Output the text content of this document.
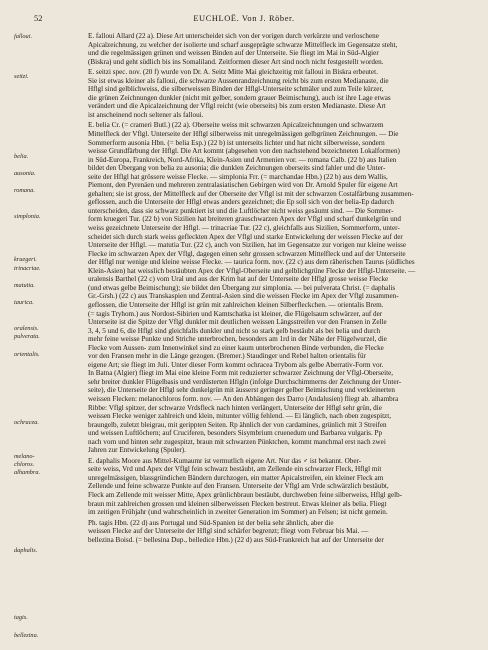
52	EUCHLOË. Von J. Röber.
falloui.
seitzi.
belia.
ausonia.
romana.
simplonia.
kruegeri.
trinacriae.
matutia.
taurica.
oralensis.
pulverata.
orientalis.
ochracea.
melano-
chloros.
alhambra.
daphalis.
tagis.
bellezina.
E. falloui Allard (22 a). Diese Art unterscheidet sich von der vorigen durch verkürzte und verloschene
Apicalzeichnung, zu welcher der isolierte und scharf ausgeprägte schwarze Mittelfleck im Gegensatze steht,
und die regelmässigen grünen und weissen Binden auf der Unterseite. Sie fliegt im Mai in Süd-Algier
(Biskra) und geht südlich bis ins Somaliland. Zeitformen dieser Art sind noch nicht festgestellt worden.
E. seitzi spec. nov. (20 f) wurde von Dr. A. Seitz Mitte Mai gleichzeitig mit falloui in Biskra erbeutet.
Sie ist etwas kleiner als falloui, die schwarze Aussenrandzeichnung reicht bis zum ersten Medianaste, die
Hflgl sind gelblichweiss, die silberweissen Binden der Hflgl-Unterseite schmäler und zum Teile kürzer,
die grünen Zeichnungen dunkler (nicht mit gelber, sondern grauer Beimischung), auch ist ihre Lage etwas
verändert und die Apicalzeichnung der Vflgl reicht (wie oberseits) bis zum ersten Medianaste. Diese Art
ist anscheinend noch seltener als falloui.
E. belia Cr. (= crameri Butl.) (22 a). Oberseite weiss mit schwarzen Apicalzeichnungen und schwarzem
Mittelfleck der Vflgl. Unterseite der Hflgl silberweiss mit unregelmässigen gelbgrünen Zeichnungen. — Die
Sommerform ausonia Hbn. (= belia Esp.) (22 b) ist unterseits lichter und hat nicht silberweisse, sondern
weisse Grundfärbung der Hflgl. Die Art kommt (abgesehen von den nachstehend bezeichneten Lokalformen)
in Süd-Europa, Frankreich, Nord-Afrika, Klein-Asien und Armenien vor. — romana Calb. (22 b) aus Italien
bildet den Übergang von belia zu ausonia; die dunklen Zeichnungen oberseits sind fahler und die Unter-
seite der Hflgl hat grössere weisse Flecke. — simplonia Frr. (= marchandae Hbn.) (22 b) aus dem Wallis,
Piemont, den Pyrenäen und mehreren zentralasiatischen Gebirgen wird von Dr. Arnold Spuler für eigene Art
gehalten; sie ist gross, der Mittelfleck auf der Oberseite der Vflgl ist mit der schwarzen Costalfärbung zusammen-
geflossen, auch die Unterseite der Hflgl etwas anders gezeichnet; die Ep soll sich von der belia-Ep dadurch
unterscheiden, dass sie schwarz punktiert ist und die Luftlöcher nicht weiss gesäumt sind. — Die Sommer-
form kruegeri Tur. (22 b) von Sizilien hat breiteren grauschwarzen Apex der Vflgl und scharf dunkelgrün und
weiss gezeichnete Unterseite der Hflgl. — trinacriae Tur. (22 c), gleichfalls aus Sizilien, Sommerform, unter-
scheidet sich durch stark weiss gefleckten Apex der Vflgl und starke Entwickelung der weissen Flecke auf der
Unterseite der Hflgl. — matutia Tur. (22 c), auch von Sizilien, hat im Gegensatze zur vorigen nur kleine weisse
Flecke im schwarzen Apex der Vflgl, dagegen einen sehr grossen schwarzen Mittelfleck und auf der Unterseite
der Hflgl nur wenige und kleine weisse Flecke. — taurica form. nov. (22 c) aus dem räherischen Taurus (südliches
Klein-Asien) hat weisslich bestäubten Apex der Vflgl-Oberseite und gelblichgrüne Flecke der Hflgl-Unterseite. —
uralensis Barthel (22 c) vom Ural und aus der Krim hat auf der Unterseite der Hflgl grosse weisse Flecke
(und etwas gelbe Beimischung); sie bildet den Übergang zur simplonia. — bei pulverata Christ. (= daphalis
Gr.-Grsh.) (22 c) aus Transkaspien und Zentral-Asien sind die weissen Flecke im Apex der Vflgl zusammen-
geflossen, die Unterseite der Hflgl ist grün mit zahlreichen kleinen Silberfleckchen. — orientalis Brem.
(= tagis Tryhom.) aus Nordost-Sibirien und Kamtschatka ist kleiner, die Flügelsaum schwärzer, auf der
Unterseite ist die Spitze der Vflgl dunkler mit deutlichen weissen Längsstreifen vor den Fransen in Zelle
3, 4, 5 und 6, die Hflgl sind gleichfalls dunkler und nicht so stark gelb bestäubt als bei belia und durch
mehr feine weisse Punkte und Striche unterbrochen, besonders am 1rd in der Nähe der Flügelwurzel, die
Flecke vom Aussen- zum Innenwinkel sind zu einer kaum unterbrochenen Binde verbunden, die Flecke
vor den Fransen mehr in die Länge gezogen. (Bremer.) Staudinger und Rebel halten orientalis für
eigene Art; sie fliegt im Juli. Unter dieser Form kommt ochracea Trybom als gelbe Aberrativ-Form vor.
In Batna (Algier) fliegt im Mai eine kleine Form mit reduzierter schwarzer Zeichnung der Vflgl-Oberseite,
sehr breiter dunkler Flügelbasis und verdüsterten Hflgln (infolge Durchschimmerns der Zeichnung der Unter-
seite), die Unterseite der Hflgl sehr dunkelgrün mit äusserst geringer gelber Beimischung und verkleinerten
weissen Flecken: melanochloros form. nov. — An den Abhängen des Darro (Andalusien) fliegt ab. alhambra
Ribbe: Vflgl spitzer, der schwarze Vrdsfleck nach hinten verlängert, Unterseite der Hflgl sehr grün, die
weissen Flecke weniger zahlreich und klein, mitunter völlig fehlend. — Ei länglich, nach oben zugespitzt,
braungelb, zuletzt bleigrau, mit gerippten Seiten. Rp ähnlich der von cardamines, grünlich mit 3 Streifen
und weissen Luftlöchern; auf Cruciferen, besonders Sisymbrium cruenedum und Barbarea vulgaris. Pp
nach vorn und hinten sehr zugespitzt, braun mit schwarzen Pünktchen, kommt manchmal erst nach zwei
Jahren zur Entwickelung (Spuler).
E. daphalis Moore aus Mittel-Kumaumr ist vermutlich eigene Art. Nur das ♂ ist bekannt. Ober-
seite weiss, Vrd und Apex der Vflgl fein schwarz bestäubt, am Zellende ein schwarzer Fleck, Hflgl mit
unregelmässigen, blassgründichen Bändern durchzogen, ein matter Apicalstreifen, ein kleiner Fleck am
Zellende und feine schwarze Punkte auf den Fransen. Unterseite der Vflgl am Vrde schwärzlich bestäubt,
Fleck am Zellende mit weisser Mitte, Apex grünlichbraun bestäubt, durchweben feine silberweiss, Hflgl gelb-
braun mit zahlreichen grossen und kleinen silberweissen Flecken bestreut. Etwas kleiner als belia. Fliegt
im zeitigen Frühjahr (und wahrscheinlich in zweiter Generation im Sommer) an Felsen; ist nicht gemein.
Ph. tagis Hbn. (22 d) aus Portugal und Süd-Spanien ist der belia sehr ähnlich, aber die
weissen Flecke auf der Unterseite der Hflgl sind schärfer begrenzt; fliegt vom Februar bis Mai. —
bellezina Boisd. (= bellesina Dup., belledice Hbn.) (22 d) aus Süd-Frankreich hat auf der Unterseite der
